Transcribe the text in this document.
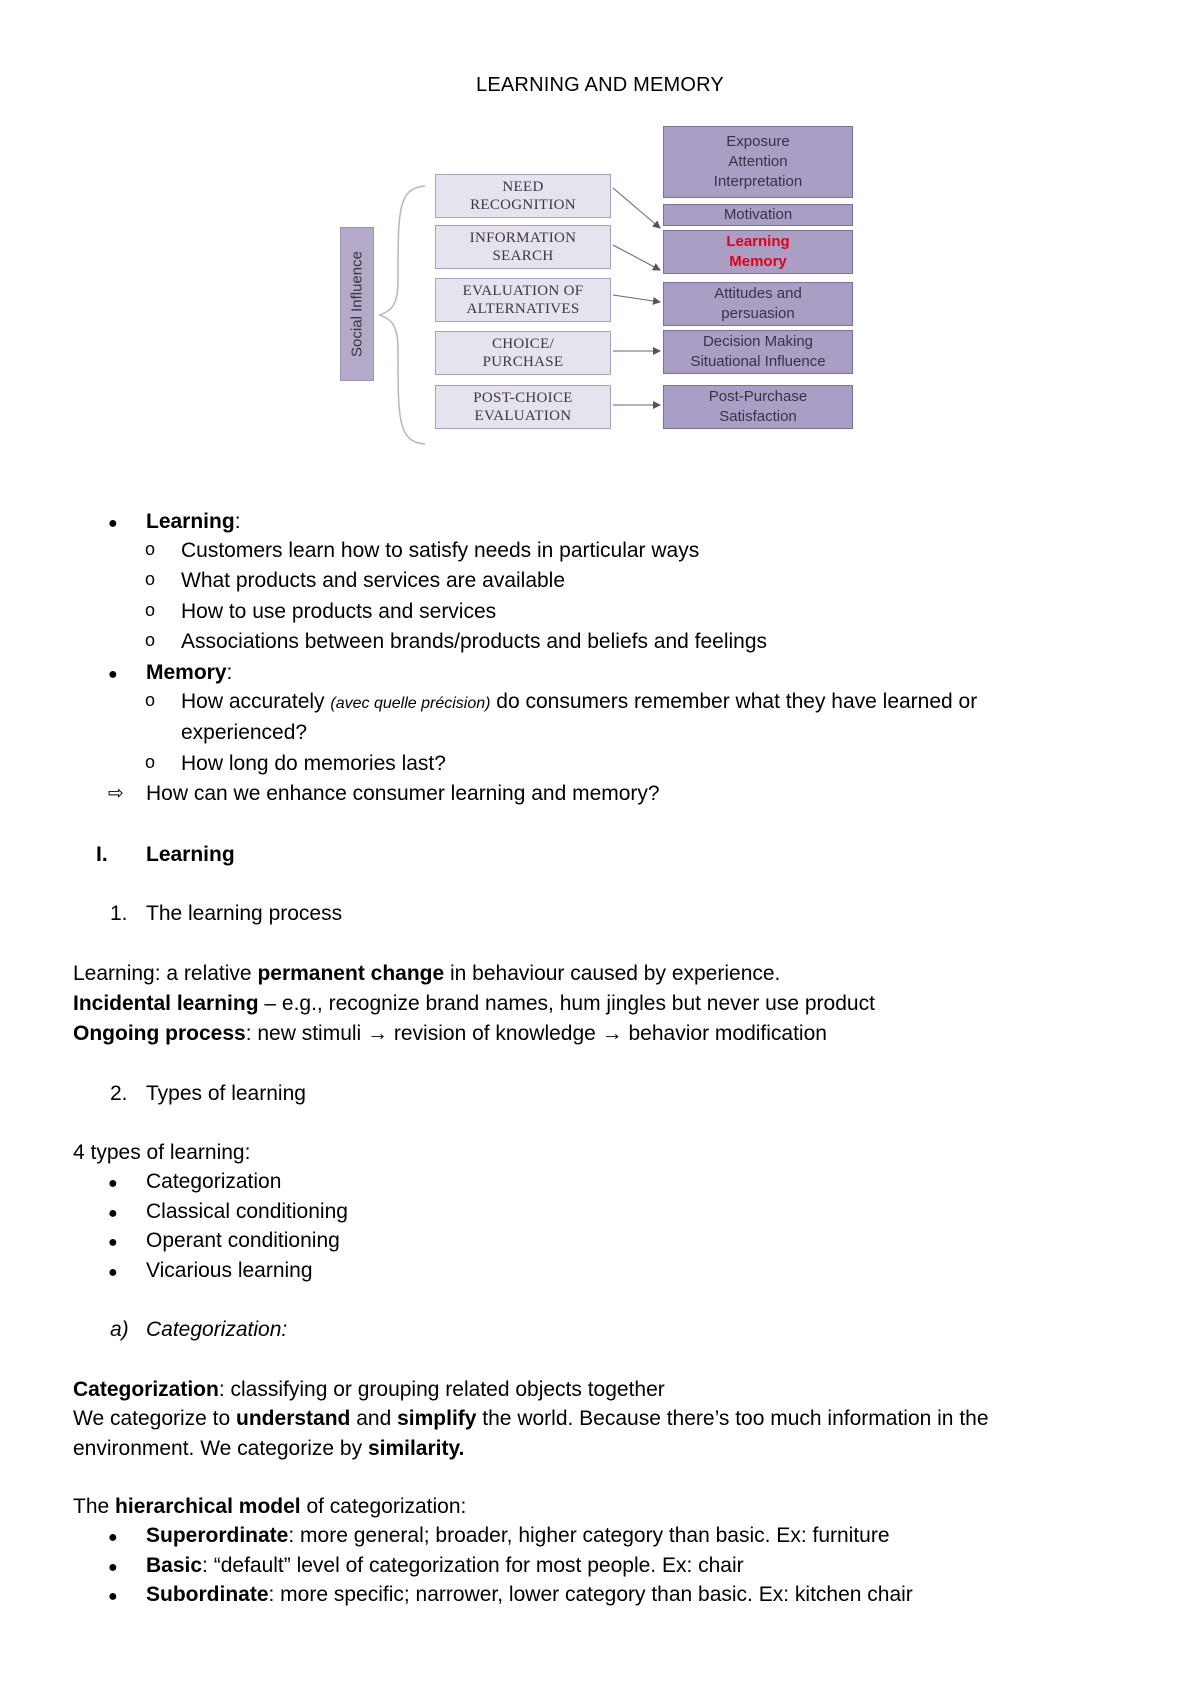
LEARNING AND MEMORY
Social Influence
NEED
RECOGNITION
INFORMATION
SEARCH
EVALUATION OF
ALTERNATIVES
CHOICE/
PURCHASE
POST-CHOICE
EVALUATION
Exposure
Attention
Interpretation
Motivation
Learning
Memory
Attitudes and
persuasion
Decision Making
Situational Influence
Post-Purchase
Satisfaction
● Learning:
o Customers learn how to satisfy needs in particular ways
o What products and services are available
o How to use products and services
o Associations between brands/products and beliefs and feelings
● Memory:
o How accurately (avec quelle précision) do consumers remember what they have learned or
experienced?
o How long do memories last?
⇨ How can we enhance consumer learning and memory?
I. Learning
1. The learning process
Learning: a relative permanent change in behaviour caused by experience.
Incidental learning – e.g., recognize brand names, hum jingles but never use product
Ongoing process: new stimuli → revision of knowledge → behavior modification
2. Types of learning
4 types of learning:
● Categorization
● Classical conditioning
● Operant conditioning
● Vicarious learning
a) Categorization:
Categorization: classifying or grouping related objects together
We categorize to understand and simplify the world. Because there’s too much information in the
environment. We categorize by similarity.
The hierarchical model of categorization:
● Superordinate: more general; broader, higher category than basic. Ex: furniture
● Basic: “default” level of categorization for most people. Ex: chair
● Subordinate: more specific; narrower, lower category than basic. Ex: kitchen chair
